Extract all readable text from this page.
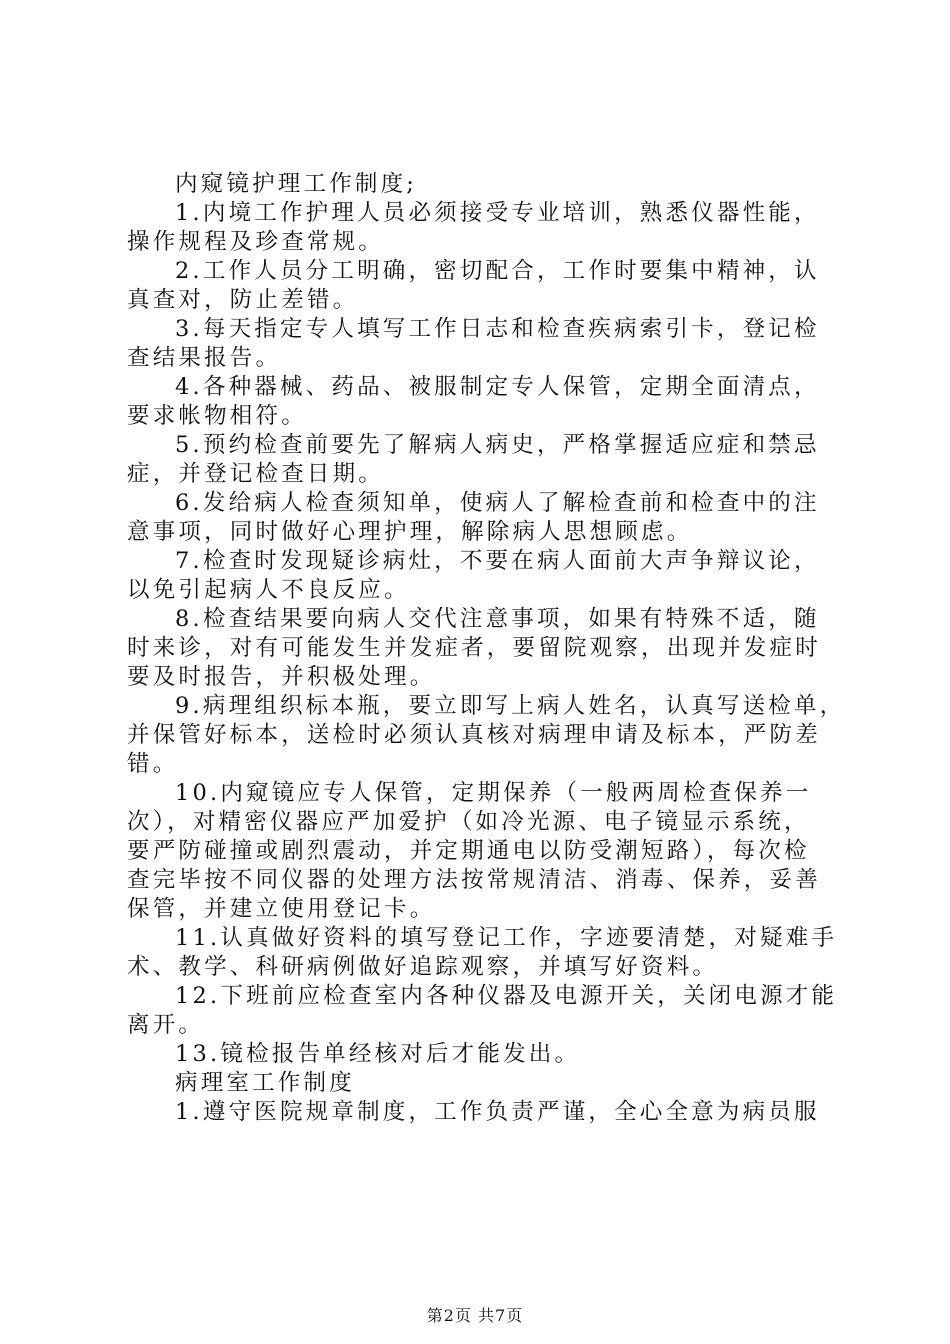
内窥镜护理工作制度;
1.内境工作护理人员必须接受专业培训，熟悉仪器性能，
操作规程及珍查常规。
2.工作人员分工明确，密切配合，工作时要集中精神，认
真查对，防止差错。
3.每天指定专人填写工作日志和检查疾病索引卡，登记检
查结果报告。
4.各种器械、药品、被服制定专人保管，定期全面清点，
要求帐物相符。
5.预约检查前要先了解病人病史，严格掌握适应症和禁忌
症，并登记检查日期。
6.发给病人检查须知单，使病人了解检查前和检查中的注
意事项，同时做好心理护理，解除病人思想顾虑。
7.检查时发现疑诊病灶，不要在病人面前大声争辩议论，
以免引起病人不良反应。
8.检查结果要向病人交代注意事项，如果有特殊不适，随
时来诊，对有可能发生并发症者，要留院观察，出现并发症时
要及时报告，并积极处理。
9.病理组织标本瓶，要立即写上病人姓名，认真写送检单，
并保管好标本，送检时必须认真核对病理申请及标本，严防差
错。
10.内窥镜应专人保管，定期保养（一般两周检查保养一
次），对精密仪器应严加爱护（如冷光源、电子镜显示系统，
要严防碰撞或剧烈震动，并定期通电以防受潮短路），每次检
查完毕按不同仪器的处理方法按常规清洁、消毒、保养，妥善
保管，并建立使用登记卡。
11.认真做好资料的填写登记工作，字迹要清楚，对疑难手
术、教学、科研病例做好追踪观察，并填写好资料。
12.下班前应检查室内各种仪器及电源开关，关闭电源才能
离开。
13.镜检报告单经核对后才能发出。
病理室工作制度
1.遵守医院规章制度，工作负责严谨，全心全意为病员服
第2页 共7页
